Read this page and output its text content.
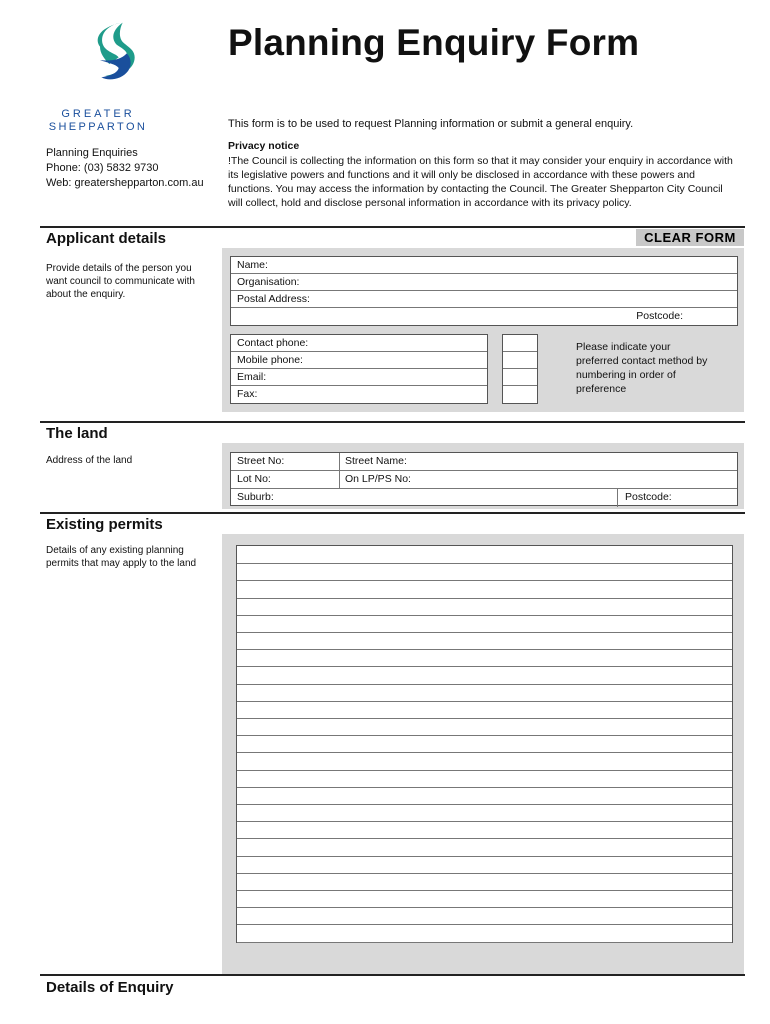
GREATER
SHEPPARTON
Planning Enquiries
Phone: (03) 5832 9730
Web: greatershepparton.com.au
Planning Enquiry Form
This form is to be used to request Planning information or submit a general enquiry.
Privacy notice
!The Council is collecting the information on this form so that it may consider your enquiry in accordance with its legislative powers and functions and it will only be disclosed in accordance with these powers and functions. You may access the information by contacting the Council. The Greater Shepparton City Council will collect, hold and disclose personal information in accordance with its privacy policy.
Applicant details	CLEAR FORM
Provide details of the person you want council to communicate with about the enquiry.
Name:
Organisation:
Postal Address:
Postcode:
Contact phone:
Mobile phone:
Email:
Fax:
Please indicate your preferred contact method by numbering in order of preference
The land
Address of the land	Street No:	Street Name:
Lot No:	On LP/PS No:
Suburb:	Postcode:
Existing permits
Details of any existing planning permits that may apply to the land
Details of Enquiry
